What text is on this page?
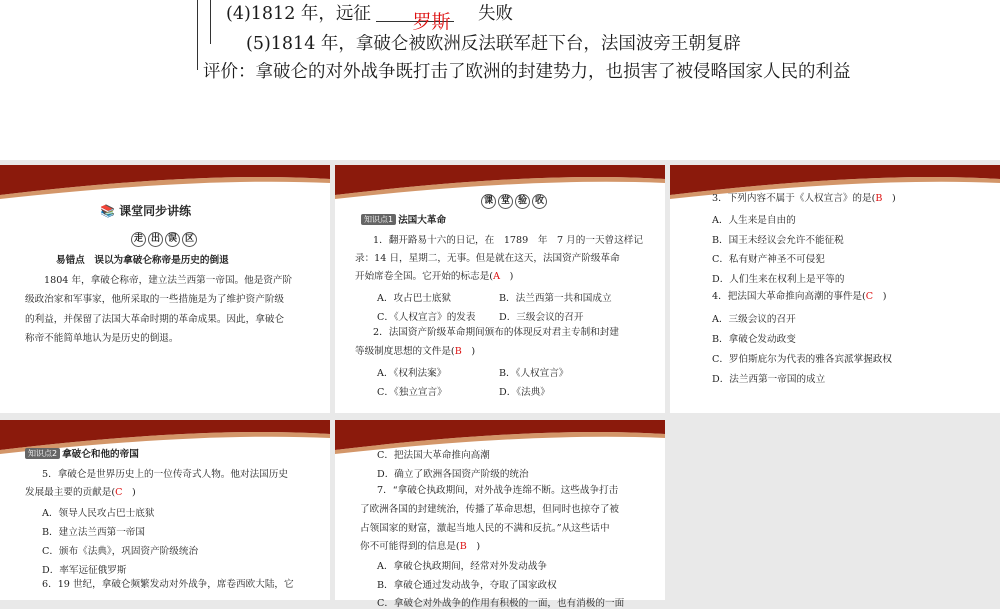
(4)1812 年，远征 罗斯 失败
(5)1814 年，拿破仑被欧洲反法联军赶下台，法国波旁王朝复辟
评价：拿破仑的对外战争既打击了欧洲的封建势力，也损害了被侵略国家人民的利益
📚 课堂同步讲练
走 出 误 区
易错点　误以为拿破仑称帝是历史的倒退
1804 年，拿破仑称帝，建立法兰西第一帝国。他是资产阶
级政治家和军事家，他所采取的一些措施是为了维护资产阶级
的利益，并保留了法国大革命时期的革命成果。因此，拿破仑
称帝不能简单地认为是历史的倒退。
课 堂 验 收
知识点1 法国大革命
1．翻开路易十六的日记，在　1789　年　7 月的一天曾这样记
录：14 日，星期二，无事。但是就在这天，法国资产阶级革命
开始席卷全国。它开始的标志是(A　 )
A．攻占巴士底狱	B．法兰西第一共和国成立
C．《人权宣言》的发表 D．三级会议的召开
2．法国资产阶级革命期间颁布的体现反对君主专制和封建
等级制度思想的文件是(B　 )
A．《权利法案》	B．《人权宣言》
C．《独立宣言》	D．《法典》
3．下列内容不属于《人权宣言》的是(B　 )
A．人生来是自由的
B．国王未经议会允许不能征税
C．私有财产神圣不可侵犯
D．人们生来在权利上是平等的
4．把法国大革命推向高潮的事件是(C　 )
A．三级会议的召开
B．拿破仑发动政变
C．罗伯斯庇尔为代表的雅各宾派掌握政权
D．法兰西第一帝国的成立
知识点2 拿破仑和他的帝国
5．拿破仑是世界历史上的一位传奇式人物。他对法国历史
发展最主要的贡献是(C　 )
A．领导人民攻占巴士底狱
B．建立法兰西第一帝国
C．颁布《法典》，巩固资产阶级统治
D．率军远征俄罗斯
6．19 世纪，拿破仑频繁发动对外战争，席卷西欧大陆，它
C．把法国大革命推向高潮
D．确立了欧洲各国资产阶级的统治
7．“拿破仑执政期间，对外战争连绵不断。这些战争打击
了欧洲各国的封建统治，传播了革命思想，但同时也掠夺了被
占领国家的财富，激起当地人民的不满和反抗。”从这些话中
你不可能得到的信息是(B　 )
A．拿破仑执政期间，经常对外发动战争
B．拿破仑通过发动战争，夺取了国家政权
C．拿破仑对外战争的作用有积极的一面，也有消极的一面
